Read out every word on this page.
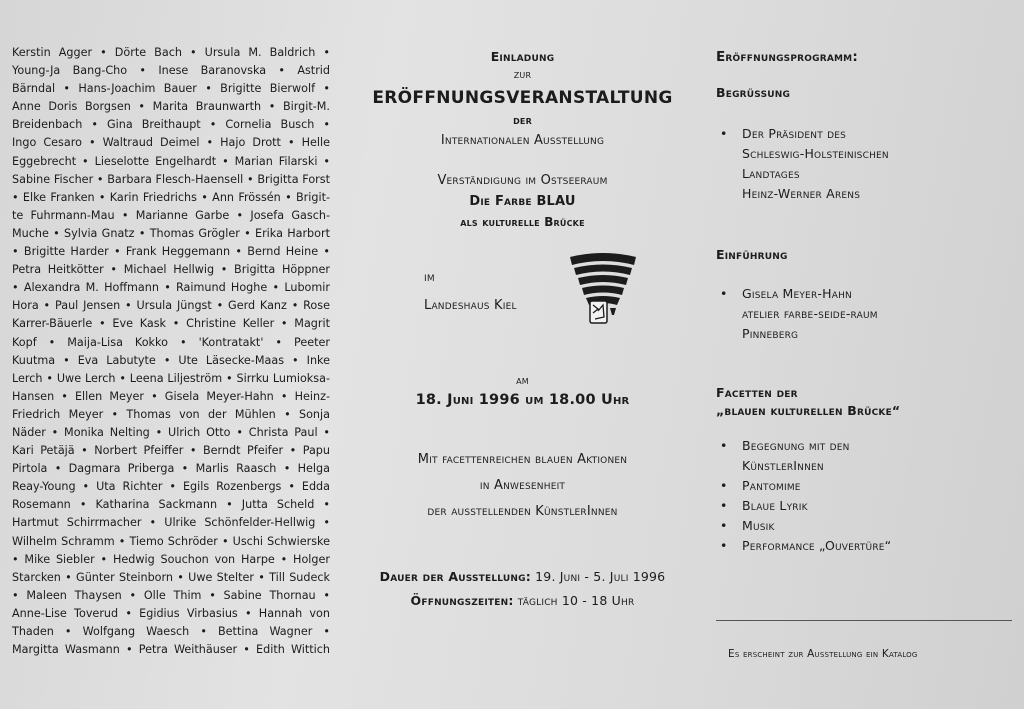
Kerstin Agger • Dörte Bach • Ursula M. Baldrich •
Young-Ja Bang-Cho • Inese Baranovska • Astrid
Bärndal • Hans-Joachim Bauer • Brigitte Bierwolf •
Anne Doris Borgsen • Marita Braunwarth • Birgit-M.
Breidenbach • Gina Breithaupt • Cornelia Busch •
Ingo Cesaro • Waltraud Deimel • Hajo Drott • Helle
Eggebrecht • Lieselotte Engelhardt • Marian Filarski •
Sabine Fischer • Barbara Flesch-Haensell • Brigitta Forst
• Elke Franken • Karin Friedrichs • Ann Frössén • Brigit-
te Fuhrmann-Mau • Marianne Garbe • Josefa Gasch-
Muche • Sylvia Gnatz • Thomas Grögler • Erika Harbort
• Brigitte Harder • Frank Heggemann • Bernd Heine •
Petra Heitkötter • Michael Hellwig • Brigitta Höppner
• Alexandra M. Hoffmann • Raimund Hoghe • Lubomir
Hora • Paul Jensen • Ursula Jüngst • Gerd Kanz • Rose
Karrer-Bäuerle • Eve Kask • Christine Keller • Magrit
Kopf • Maija-Lisa Kokko • 'Kontratakt' • Peeter
Kuutma • Eva Labutyte • Ute Läsecke-Maas • Inke
Lerch • Uwe Lerch • Leena Liljeström • Sirrku Lumioksa-
Hansen • Ellen Meyer • Gisela Meyer-Hahn • Heinz-
Friedrich Meyer • Thomas von der Mühlen • Sonja
Näder • Monika Nelting • Ulrich Otto • Christa Paul •
Kari Petäjä • Norbert Pfeiffer • Berndt Pfeifer • Papu
Pirtola • Dagmara Priberga • Marlis Raasch • Helga
Reay-Young • Uta Richter • Egils Rozenbergs • Edda
Rosemann • Katharina Sackmann • Jutta Scheld •
Hartmut Schirrmacher • Ulrike Schönfelder-Hellwig •
Wilhelm Schramm • Tiemo Schröder • Uschi Schwierske
• Mike Siebler • Hedwig Souchon von Harpe • Holger
Starcken • Günter Steinborn • Uwe Stelter • Till Sudeck
• Maleen Thaysen • Olle Thim • Sabine Thornau •
Anne-Lise Toverud • Egidius Virbasius • Hannah von
Thaden • Wolfgang Waesch • Bettina Wagner •
Margitta Wasmann • Petra Weithäuser • Edith Wittich
Einladung
zur
ERÖFFNUNGSVERANSTALTUNG
der
Internationalen Ausstellung
Verständigung im Ostseeraum
Die Farbe BLAU
als kulturelle Brücke
im
Landeshaus Kiel
am
18. Juni 1996 um 18.00 Uhr
Mit facettenreichen blauen Aktionen
in Anwesenheit
der ausstellenden KünstlerInnen
Dauer der Ausstellung: 19. Juni - 5. Juli 1996
Öffnungszeiten: täglich 10 - 18 Uhr
Eröffnungsprogramm:
Begrüssung
• Der Präsident des
Schleswig-Holsteinischen
Landtages
Heinz-Werner Arens
Einführung
• Gisela Meyer-Hahn
atelier farbe-seide-raum
Pinneberg
Facetten der
„blauen kulturellen Brücke“
• Begegnung mit den
KünstlerInnen
• Pantomime
• Blaue Lyrik
• Musik
• Performance „Ouvertüre“
Es erscheint zur Ausstellung ein Katalog
